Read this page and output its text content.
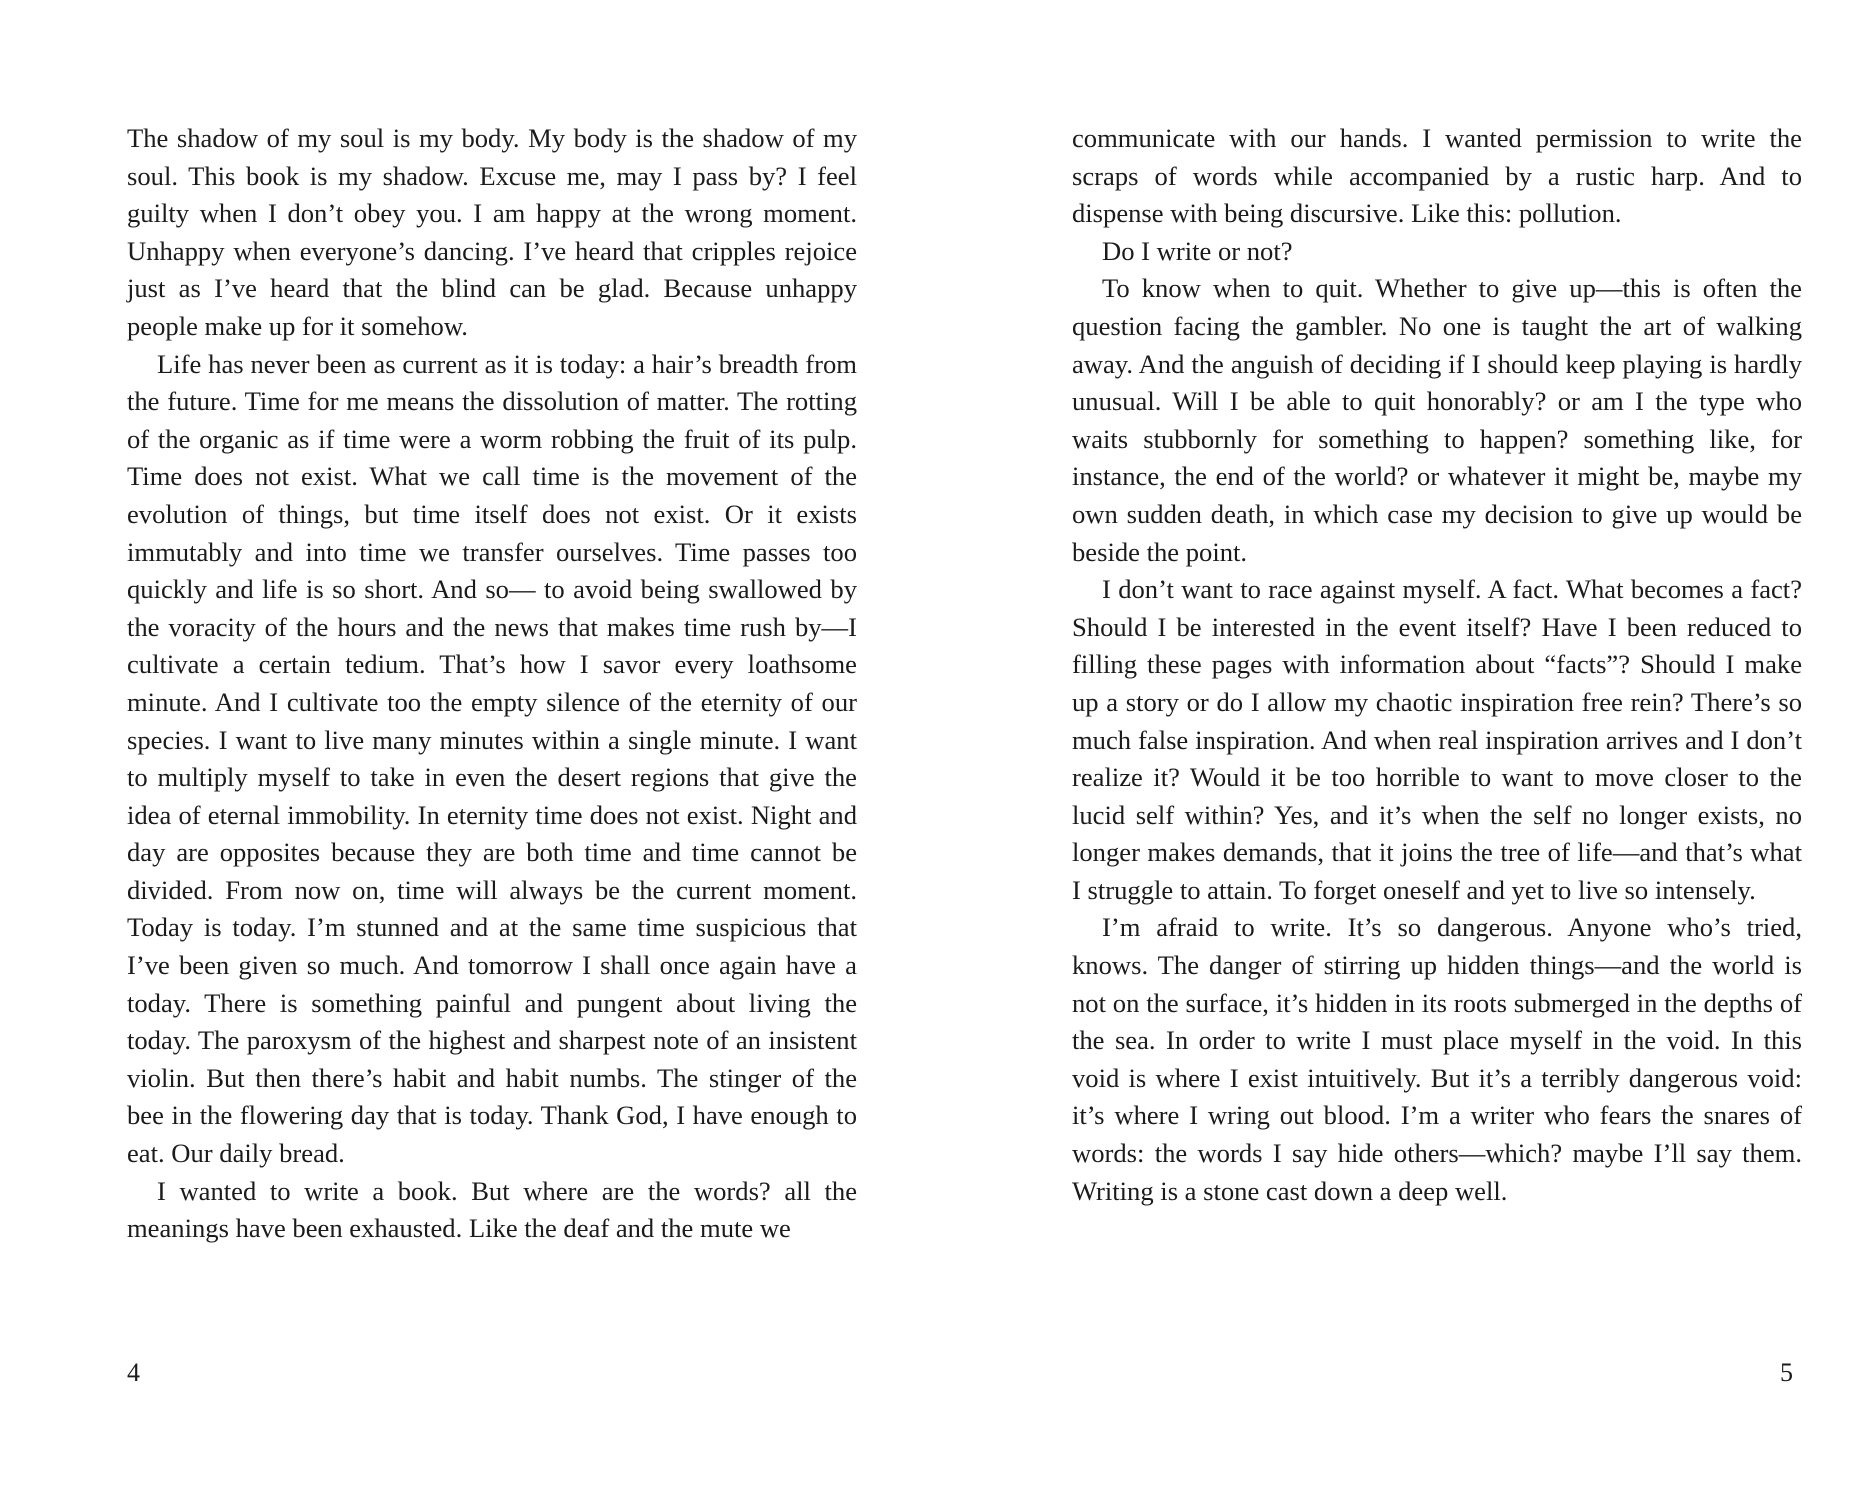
The shadow of my soul is my body. My body is the shadow of my soul. This book is my shadow. Excuse me, may I pass by? I feel guilty when I don’t obey you. I am happy at the wrong moment. Unhappy when everyone’s dancing. I’ve heard that cripples rejoice just as I’ve heard that the blind can be glad. Because unhappy people make up for it somehow.

Life has never been as current as it is today: a hair’s breadth from the future. Time for me means the dissolution of matter. The rotting of the organic as if time were a worm robbing the fruit of its pulp. Time does not exist. What we call time is the movement of the evolution of things, but time itself does not exist. Or it exists immutably and into time we transfer ourselves. Time passes too quickly and life is so short. And so— to avoid being swallowed by the voracity of the hours and the news that makes time rush by—I cultivate a certain tedium. That’s how I savor every loathsome minute. And I cultivate too the empty silence of the eternity of our species. I want to live many minutes within a single minute. I want to multiply myself to take in even the desert regions that give the idea of eternal immobility. In eternity time does not exist. Night and day are opposites because they are both time and time cannot be divided. From now on, time will always be the current moment. Today is today. I’m stunned and at the same time suspicious that I’ve been given so much. And tomorrow I shall once again have a today. There is something painful and pungent about living the today. The paroxysm of the highest and sharpest note of an insistent violin. But then there’s habit and habit numbs. The stinger of the bee in the flowering day that is today. Thank God, I have enough to eat. Our daily bread.

I wanted to write a book. But where are the words? all the meanings have been exhausted. Like the deaf and the mute we

4

communicate with our hands. I wanted permission to write the scraps of words while accompanied by a rustic harp. And to dispense with being discursive. Like this: pollution.

Do I write or not?

To know when to quit. Whether to give up—this is often the question facing the gambler. No one is taught the art of walking away. And the anguish of deciding if I should keep playing is hardly unusual. Will I be able to quit honorably? or am I the type who waits stubbornly for something to happen? something like, for instance, the end of the world? or whatever it might be, maybe my own sudden death, in which case my decision to give up would be beside the point.

I don’t want to race against myself. A fact. What becomes a fact? Should I be interested in the event itself? Have I been reduced to filling these pages with information about “facts”? Should I make up a story or do I allow my chaotic inspiration free rein? There’s so much false inspiration. And when real inspiration arrives and I don’t realize it? Would it be too horrible to want to move closer to the lucid self within? Yes, and it’s when the self no longer exists, no longer makes demands, that it joins the tree of life—and that’s what I struggle to attain. To forget oneself and yet to live so intensely.

I’m afraid to write. It’s so dangerous. Anyone who’s tried, knows. The danger of stirring up hidden things—and the world is not on the surface, it’s hidden in its roots submerged in the depths of the sea. In order to write I must place myself in the void. In this void is where I exist intuitively. But it’s a terribly dangerous void: it’s where I wring out blood. I’m a writer who fears the snares of words: the words I say hide others—which? maybe I’ll say them. Writing is a stone cast down a deep well.

5
